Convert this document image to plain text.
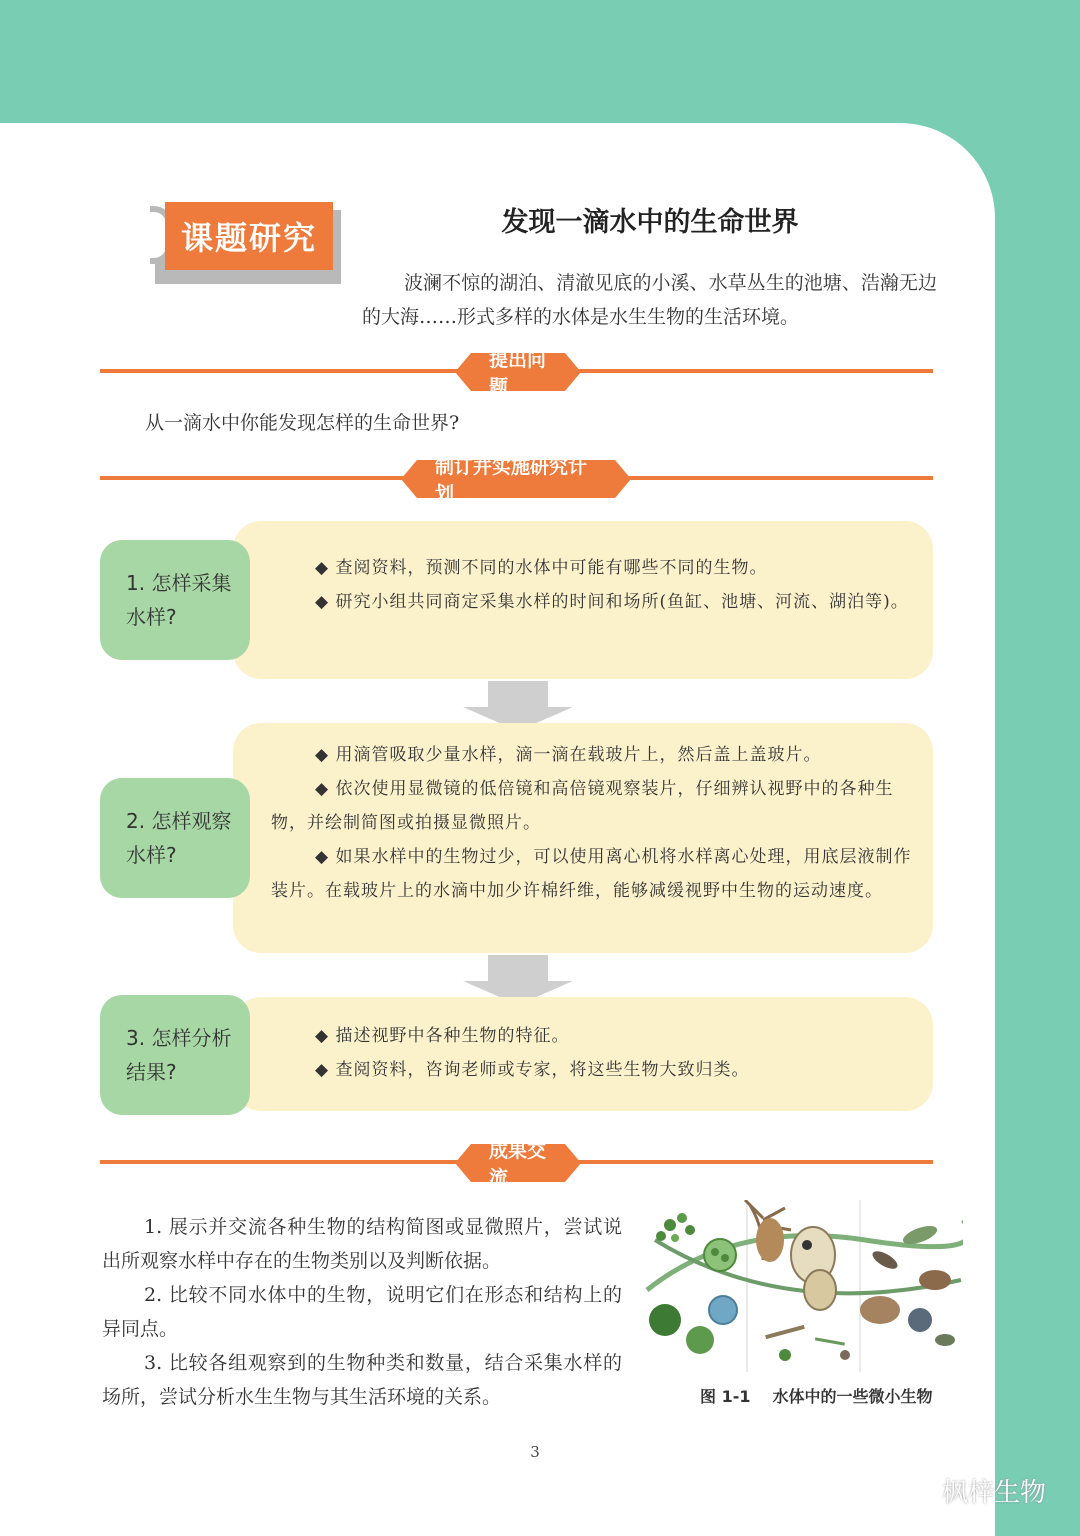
课题研究	发现一滴水中的生命世界
波澜不惊的湖泊、清澈见底的小溪、水草丛生的池塘、浩瀚无边的大海……形式多样的水体是水生生物的生活环境。
提出问题
从一滴水中你能发现怎样的生命世界?
制订并实施研究计划

◆ 查阅资料，预测不同的水体中可能有哪些不同的生物。

◆ 研究小组共同商定采集水样的时间和场所(鱼缸、池塘、河流、湖泊等)。

1. 怎样采集水样?

◆ 用滴管吸取少量水样，滴一滴在载玻片上，然后盖上盖玻片。

◆ 依次使用显微镜的低倍镜和高倍镜观察装片，仔细辨认视野中的各种生物，并绘制简图或拍摄显微照片。

◆ 如果水样中的生物过少，可以使用离心机将水样离心处理，用底层液制作装片。在载玻片上的水滴中加少许棉纤维，能够减缓视野中生物的运动速度。

2. 怎样观察水样?

◆ 描述视野中各种生物的特征。

◆ 查阅资料，咨询老师或专家，将这些生物大致归类。

3. 怎样分析结果?
成果交流

1. 展示并交流各种生物的结构简图或显微照片，尝试说出所观察水样中存在的生物类别以及判断依据。

2. 比较不同水体中的生物，说明它们在形态和结构上的异同点。

3. 比较各组观察到的生物种类和数量，结合采集水样的场所，尝试分析水生生物与其生活环境的关系。	图 1-1 水体中的一些微小生物
3
枫梓生物
